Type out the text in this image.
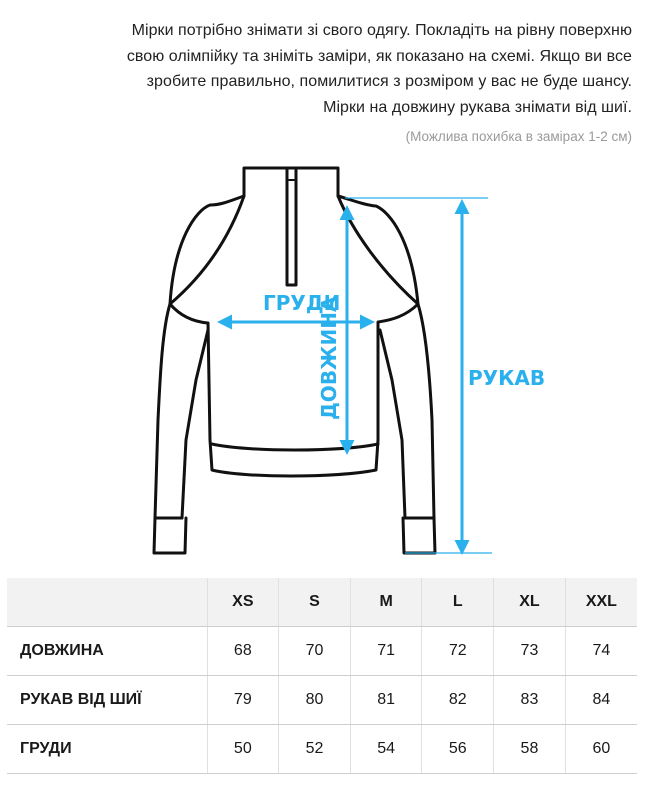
Мірки потрібно знімати зі свого одягу. Покладіть на рівну поверхню

свою олімпійку та зніміть заміри, як показано на схемі. Якщо ви все

зробите правильно, помилитися з розміром у вас не буде шансу.

Мірки на довжину рукава знімати від шиї.

(Можлива похибка в замірах 1-2 см)
ГРУДИ
ДОВЖИНА	РУКАВ
	XS	S	M	L	XL	XXL
ДОВЖИНА	68	70	71	72	73	74
РУКАВ ВІД ШИЇ	79	80	81	82	83	84
ГРУДИ	50	52	54	56	58	60
